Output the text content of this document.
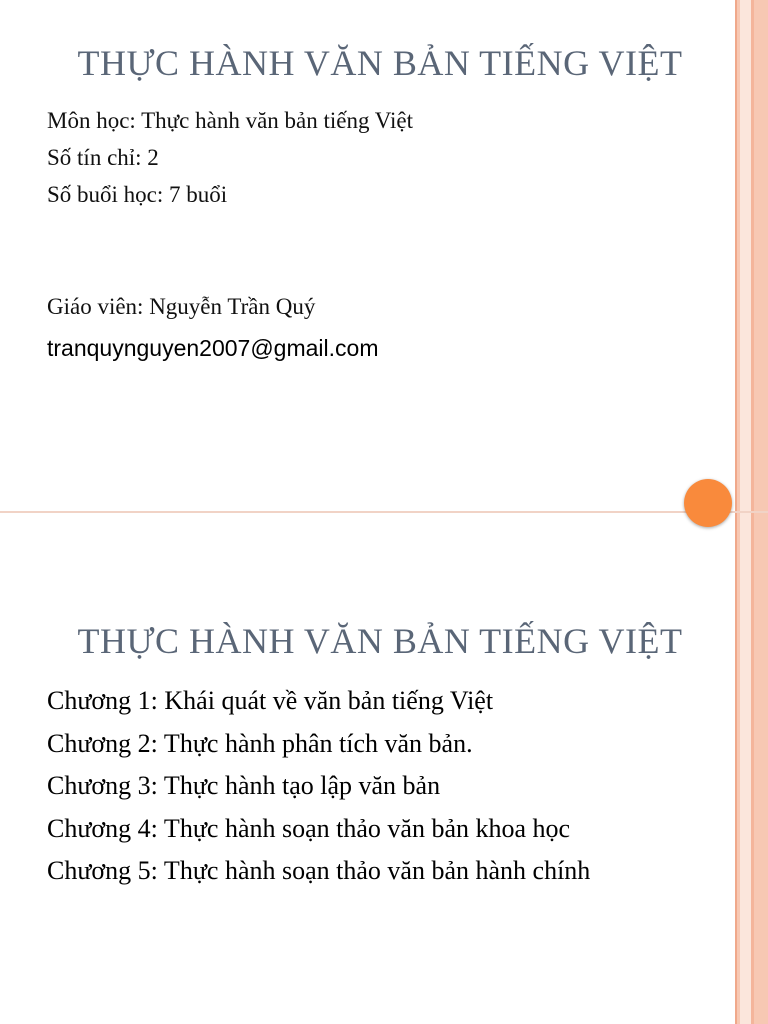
THỰC HÀNH VĂN BẢN TIẾNG VIỆT
Môn học: Thực hành văn bản tiếng Việt
Số tín chỉ: 2
Số buổi học: 7 buổi
Giáo viên: Nguyễn Trần Quý
tranquynguyen2007@gmail.com
THỰC HÀNH VĂN BẢN TIẾNG VIỆT
Chương 1: Khái quát về văn bản tiếng Việt
Chương 2: Thực hành phân tích văn bản.
Chương 3: Thực hành tạo lập văn bản
Chương 4: Thực hành soạn thảo văn bản khoa học
Chương 5: Thực hành soạn thảo văn bản hành chính
